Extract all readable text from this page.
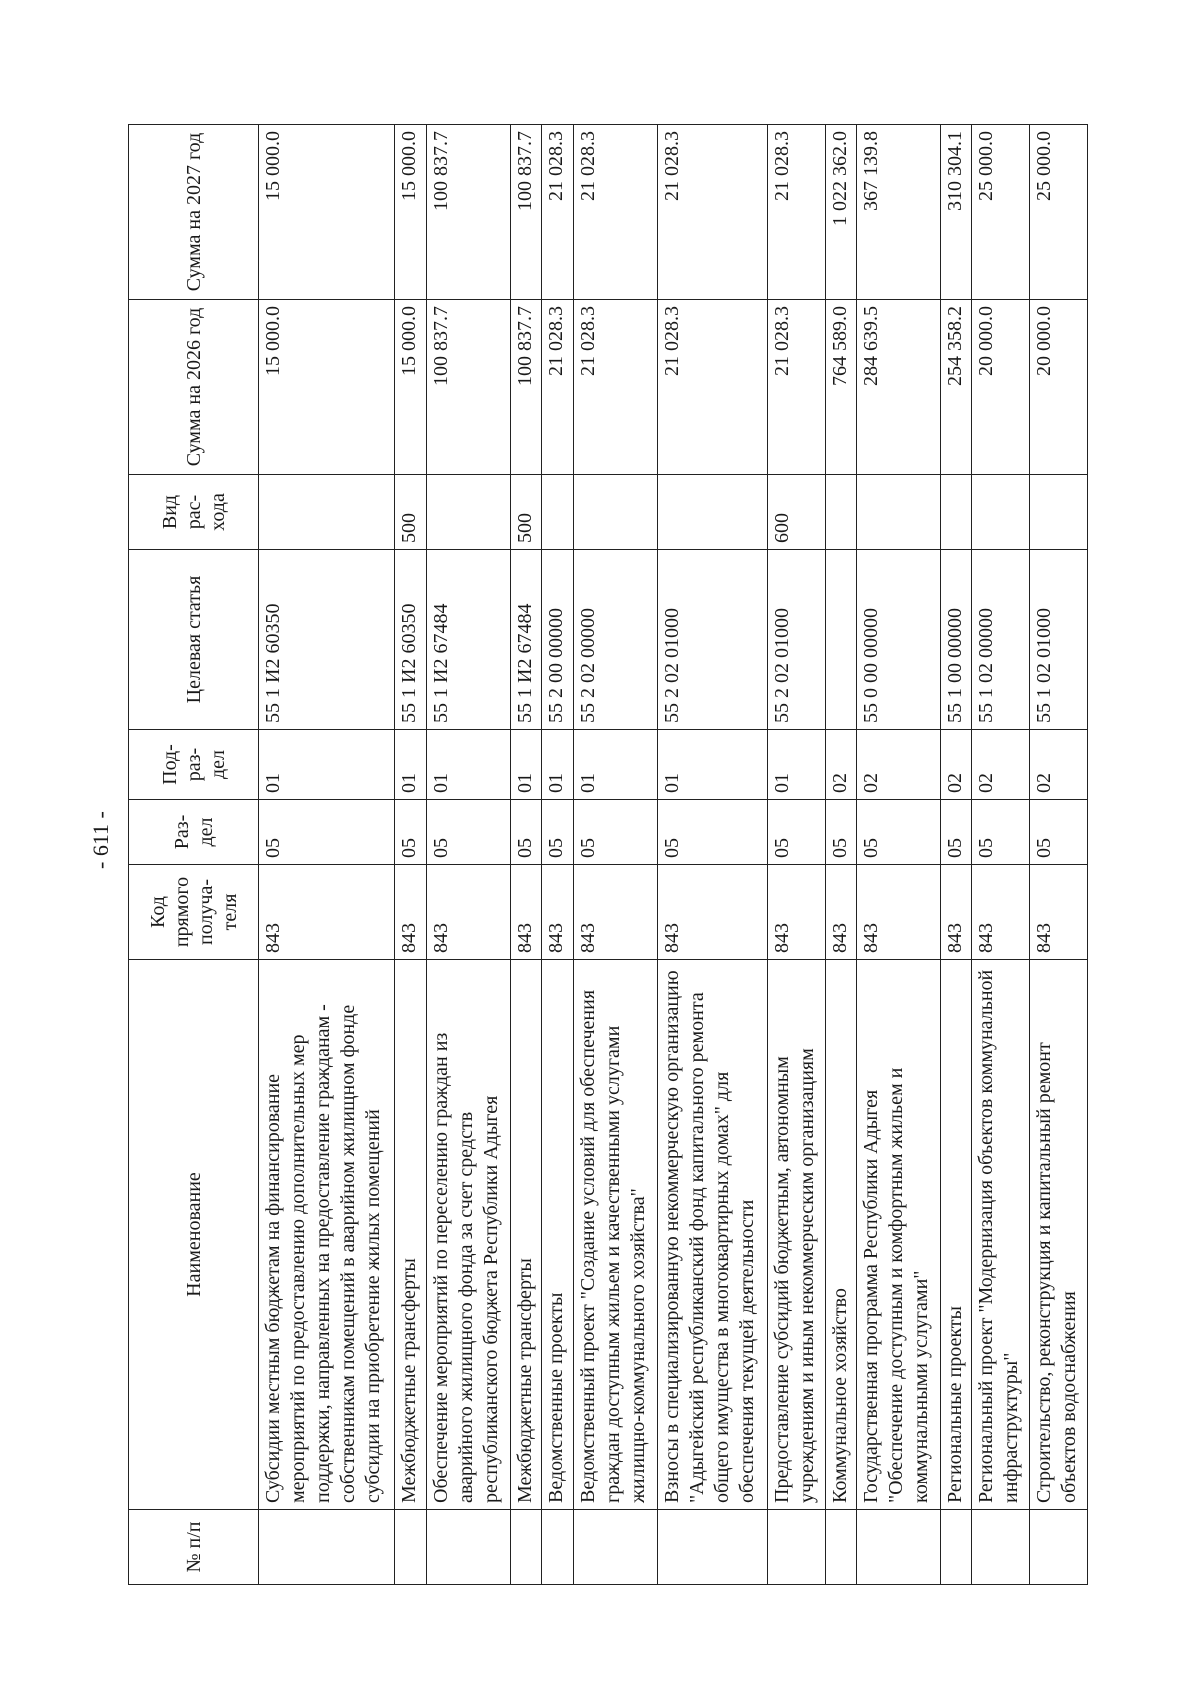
- 611 -
№ п/п	Наименование	Код прямого получа-теля	Раз-дел	Под-раз-дел	Целевая статья	Вид рас-хода	Сумма на 2026 год	Сумма на 2027 год
	Субсидии местным бюджетам на финансирование мероприятий по предоставлению дополнительных мер поддержки, направленных на предоставление гражданам - собственникам помещений в аварийном жилищном фонде субсидии на приобретение жилых помещений	843	05	01	55 1 И2 60350		15 000.0	15 000.0
	Межбюджетные трансферты	843	05	01	55 1 И2 60350	500	15 000.0	15 000.0
	Обеспечение мероприятий по переселению граждан из аварийного жилищного фонда за счет средств республиканского бюджета Республики Адыгея	843	05	01	55 1 И2 67484		100 837.7	100 837.7
	Межбюджетные трансферты	843	05	01	55 1 И2 67484	500	100 837.7	100 837.7
	Ведомственные проекты	843	05	01	55 2 00 00000		21 028.3	21 028.3
	Ведомственный проект "Создание условий для обеспечения граждан доступным жильем и качественными услугами жилищно-коммунального хозяйства"	843	05	01	55 2 02 00000		21 028.3	21 028.3
	Взносы в специализированную некоммерческую организацию "Адыгейский республиканский фонд капитального ремонта общего имущества в многоквартирных домах" для обеспечения текущей деятельности	843	05	01	55 2 02 01000		21 028.3	21 028.3
	Предоставление субсидий бюджетным, автономным учреждениям и иным некоммерческим организациям	843	05	01	55 2 02 01000	600	21 028.3	21 028.3
	Коммунальное хозяйство	843	05	02			764 589.0	1 022 362.0
	Государственная программа Республики Адыгея "Обеспечение доступным и комфортным жильем и коммунальными услугами"	843	05	02	55 0 00 00000		284 639.5	367 139.8
	Региональные проекты	843	05	02	55 1 00 00000		254 358.2	310 304.1
	Региональный проект "Модернизация объектов коммунальной инфраструктуры"	843	05	02	55 1 02 00000		20 000.0	25 000.0
	Строительство, реконструкция и капитальный ремонт объектов водоснабжения	843	05	02	55 1 02 01000		20 000.0	25 000.0
